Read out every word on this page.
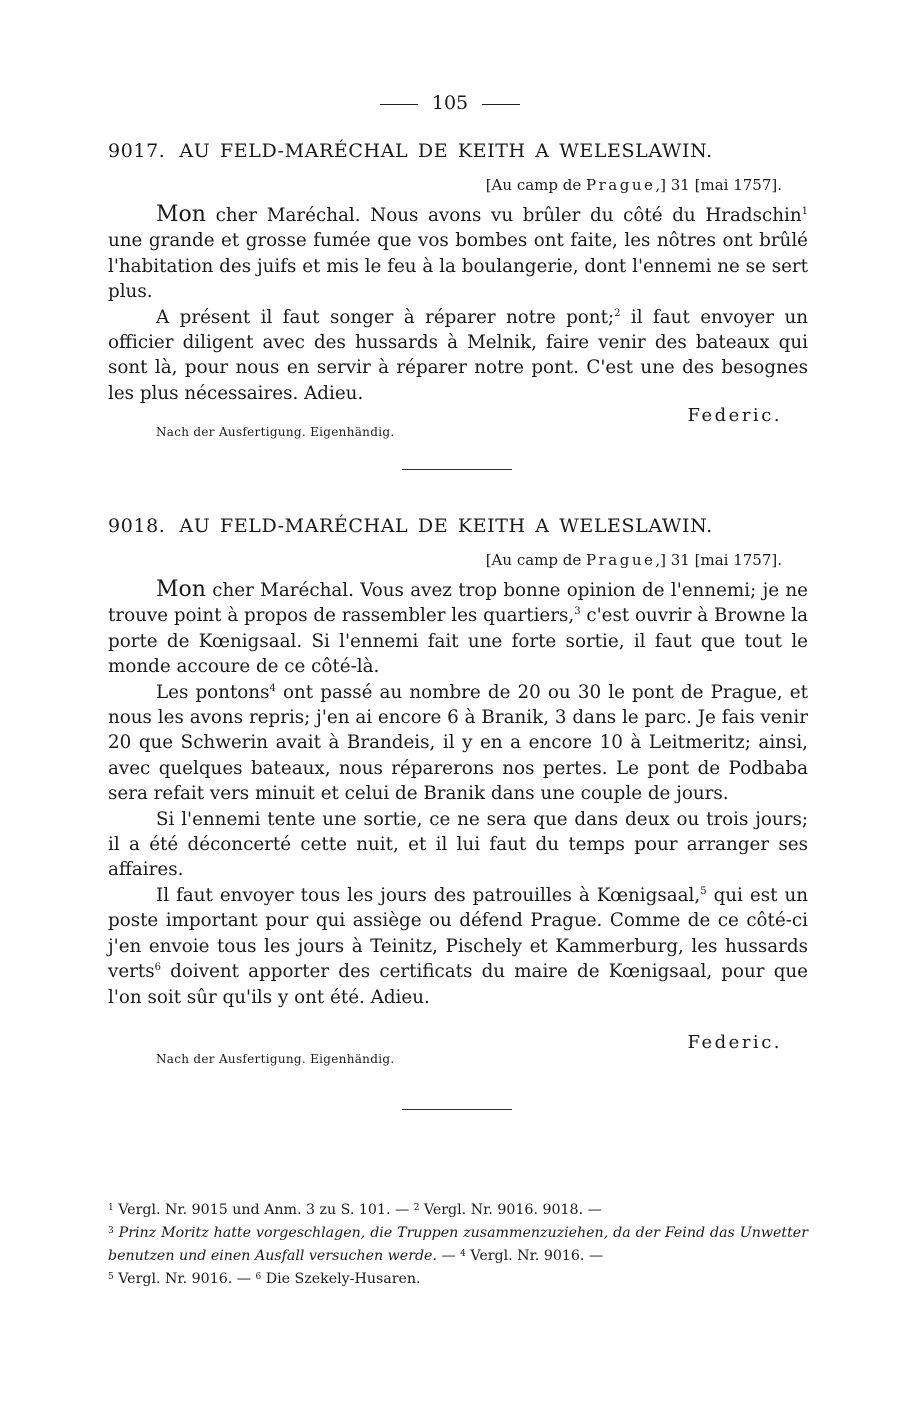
105
9017. AU FELD-MARÉCHAL DE KEITH A WELESLAWIN.
[Au camp de Prague,] 31 [mai 1757].

Mon cher Maréchal. Nous avons vu brûler du côté du Hradschin$^1$ une grande et grosse fumée que vos bombes ont faite, les nôtres ont brûlé l'habitation des juifs et mis le feu à la boulangerie, dont l'ennemi ne se sert plus.

A présent il faut songer à réparer notre pont;$^2$ il faut envoyer un officier diligent avec des hussards à Melnik, faire venir des bateaux qui sont là, pour nous en servir à réparer notre pont. C'est une des besognes les plus nécessaires. Adieu.

Federic.
Nach der Ausfertigung. Eigenhändig.
9018. AU FELD-MARÉCHAL DE KEITH A WELESLAWIN.
[Au camp de Prague,] 31 [mai 1757].

Mon cher Maréchal. Vous avez trop bonne opinion de l'ennemi; je ne trouve point à propos de rassembler les quartiers,$^3$ c'est ouvrir à Browne la porte de Kœnigsaal. Si l'ennemi fait une forte sortie, il faut que tout le monde accoure de ce côté-là.

Les pontons$^4$ ont passé au nombre de 20 ou 30 le pont de Prague, et nous les avons repris; j'en ai encore 6 à Branik, 3 dans le parc. Je fais venir 20 que Schwerin avait à Brandeis, il y en a encore 10 à Leitmeritz; ainsi, avec quelques bateaux, nous réparerons nos pertes. Le pont de Podbaba sera refait vers minuit et celui de Branik dans une couple de jours.

Si l'ennemi tente une sortie, ce ne sera que dans deux ou trois jours; il a été déconcerté cette nuit, et il lui faut du temps pour arranger ses affaires.

Il faut envoyer tous les jours des patrouilles à Kœnigsaal,$^5$ qui est un poste important pour qui assiège ou défend Prague. Comme de ce côté-ci j'en envoie tous les jours à Teinitz, Pischely et Kammerburg, les hussards verts$^6$ doivent apporter des certificats du maire de Kœnigsaal, pour que l'on soit sûr qu'ils y ont été. Adieu.

Federic.
Nach der Ausfertigung. Eigenhändig.

$^1$ Vergl. Nr. 9015 und Anm. 3 zu S. 101. — $^2$ Vergl. Nr. 9016. 9018. —
$^3$ Prinz Moritz hatte vorgeschlagen, die Truppen zusammenzuziehen, da der Feind das Unwetter benutzen und einen Ausfall versuchen werde. — $^4$ Vergl. Nr. 9016. —
$^5$ Vergl. Nr. 9016. — $^6$ Die Szekely-Husaren.
